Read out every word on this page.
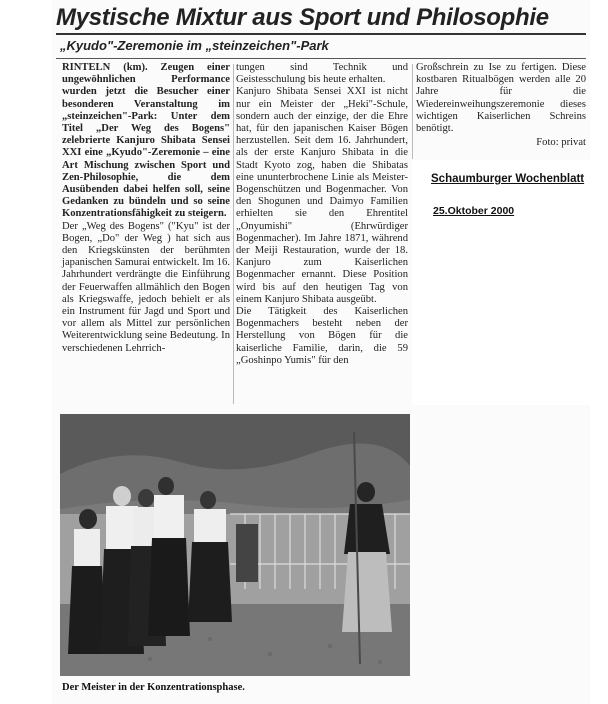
Mystische Mixtur aus Sport und Philosophie
„Kyudo"-Zeremonie im „steinzeichen"-Park

RINTELN (km). Zeugen einer ungewöhnlichen Performance wurden jetzt die Besucher einer besonderen Veranstaltung im „steinzeichen"-Park: Unter dem Titel „Der Weg des Bogens" zelebrierte Kanjuro Shibata Sensei XXI eine „Kyudo"-Zeremonie – eine Art Mischung zwischen Sport und Zen-Philosophie, die dem Ausübenden dabei helfen soll, seine Gedanken zu bündeln und so seine Konzentrationsfähigkeit zu steigern.

Der „Weg des Bogens" ("Kyu" ist der Bogen, „Do" der Weg ) hat sich aus den Kriegskünsten der berühmten japanischen Samurai entwickelt. Im 16. Jahrhundert verdrängte die Einführung der Feuerwaffen allmählich den Bogen als Kriegswaffe, jedoch behielt er als ein Instrument für Jagd und Sport und vor allem als Mittel zur persönlichen Weiterentwicklung seine Bedeutung. In verschiedenen Lehrrich-

tungen sind Technik und Geistesschulung bis heute erhalten.

Kanjuro Shibata Sensei XXI ist nicht nur ein Meister der „Heki"-Schule, sondern auch der einzige, der die Ehre hat, für den japanischen Kaiser Bögen herzustellen. Seit dem 16. Jahrhundert, als der erste Kanjuro Shibata in die Stadt Kyoto zog, haben die Shibatas eine ununterbrochene Linie als Meister-Bogenschützen und Bogenmacher. Von den Shogunen und Daimyo Familien erhielten sie den Ehrentitel „Onyumishi" (Ehrwürdiger Bogenmacher). Im Jahre 1871, während der Meiji Restauration, wurde der 18. Kanjuro zum Kaiserlichen Bogenmacher ernannt. Diese Position wird bis auf den heutigen Tag von einem Kanjuro Shibata ausgeübt.

Die Tätigkeit des Kaiserlichen Bogenmachers besteht neben der Herstellung von Bögen für die kaiserliche Familie, darin, die 59 „Goshinpo Yumis" für den

Großschrein zu Ise zu fertigen. Diese kostbaren Ritualbögen werden alle 20 Jahre für die Wiedereinweihungszeremonie dieses wichtigen Kaiserlichen Schreins benötigt.

Foto: privat

Schaumburger Wochenblatt
25.Oktober 2000
Der Meister in der Konzentrationsphase.
